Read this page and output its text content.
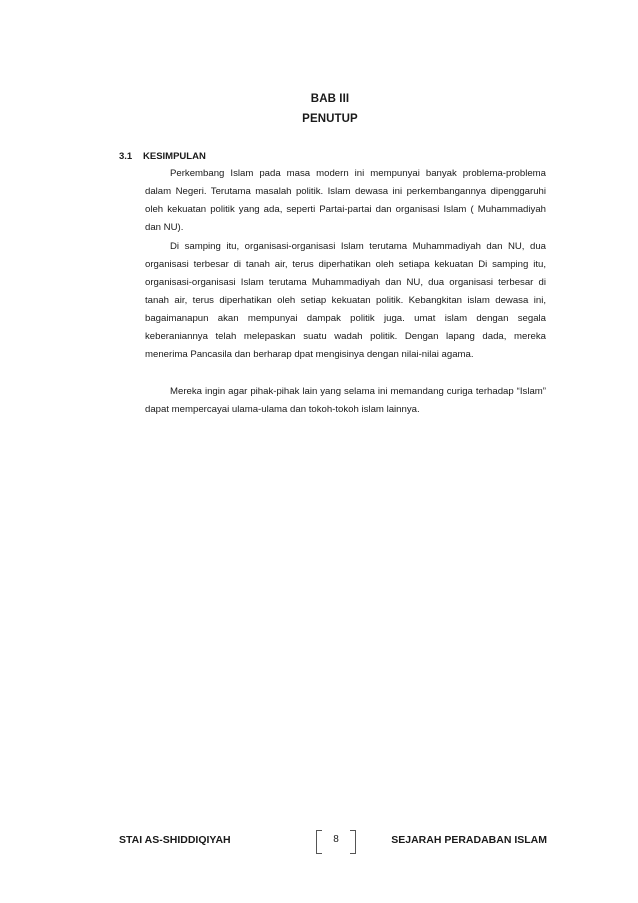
BAB III
PENUTUP
3.1 KESIMPULAN

Perkembang Islam pada masa modern ini mempunyai banyak problema-problema dalam Negeri. Terutama masalah politik. Islam dewasa ini perkembangannya dipenggaruhi oleh kekuatan politik yang ada, seperti Partai-partai dan organisasi Islam ( Muhammadiyah dan NU).

Di samping itu, organisasi-organisasi Islam terutama Muhammadiyah dan NU, dua organisasi terbesar di tanah air, terus diperhatikan oleh setiapa kekuatan Di samping itu, organisasi-organisasi Islam terutama Muhammadiyah dan NU, dua organisasi terbesar di tanah air, terus diperhatikan oleh setiap kekuatan politik. Kebangkitan islam dewasa ini, bagaimanapun akan mempunyai dampak politik juga. umat islam dengan segala keberaniannya telah melepaskan suatu wadah politik. Dengan lapang dada, mereka menerima Pancasila dan berharap dpat mengisinya dengan nilai-nilai agama.

Mereka ingin agar pihak-pihak lain yang selama ini memandang curiga terhadap “Islam” dapat mempercayai ulama-ulama dan tokoh-tokoh islam lainnya.

STAI AS-SHIDDIQIYAH	8	SEJARAH PERADABAN ISLAM
